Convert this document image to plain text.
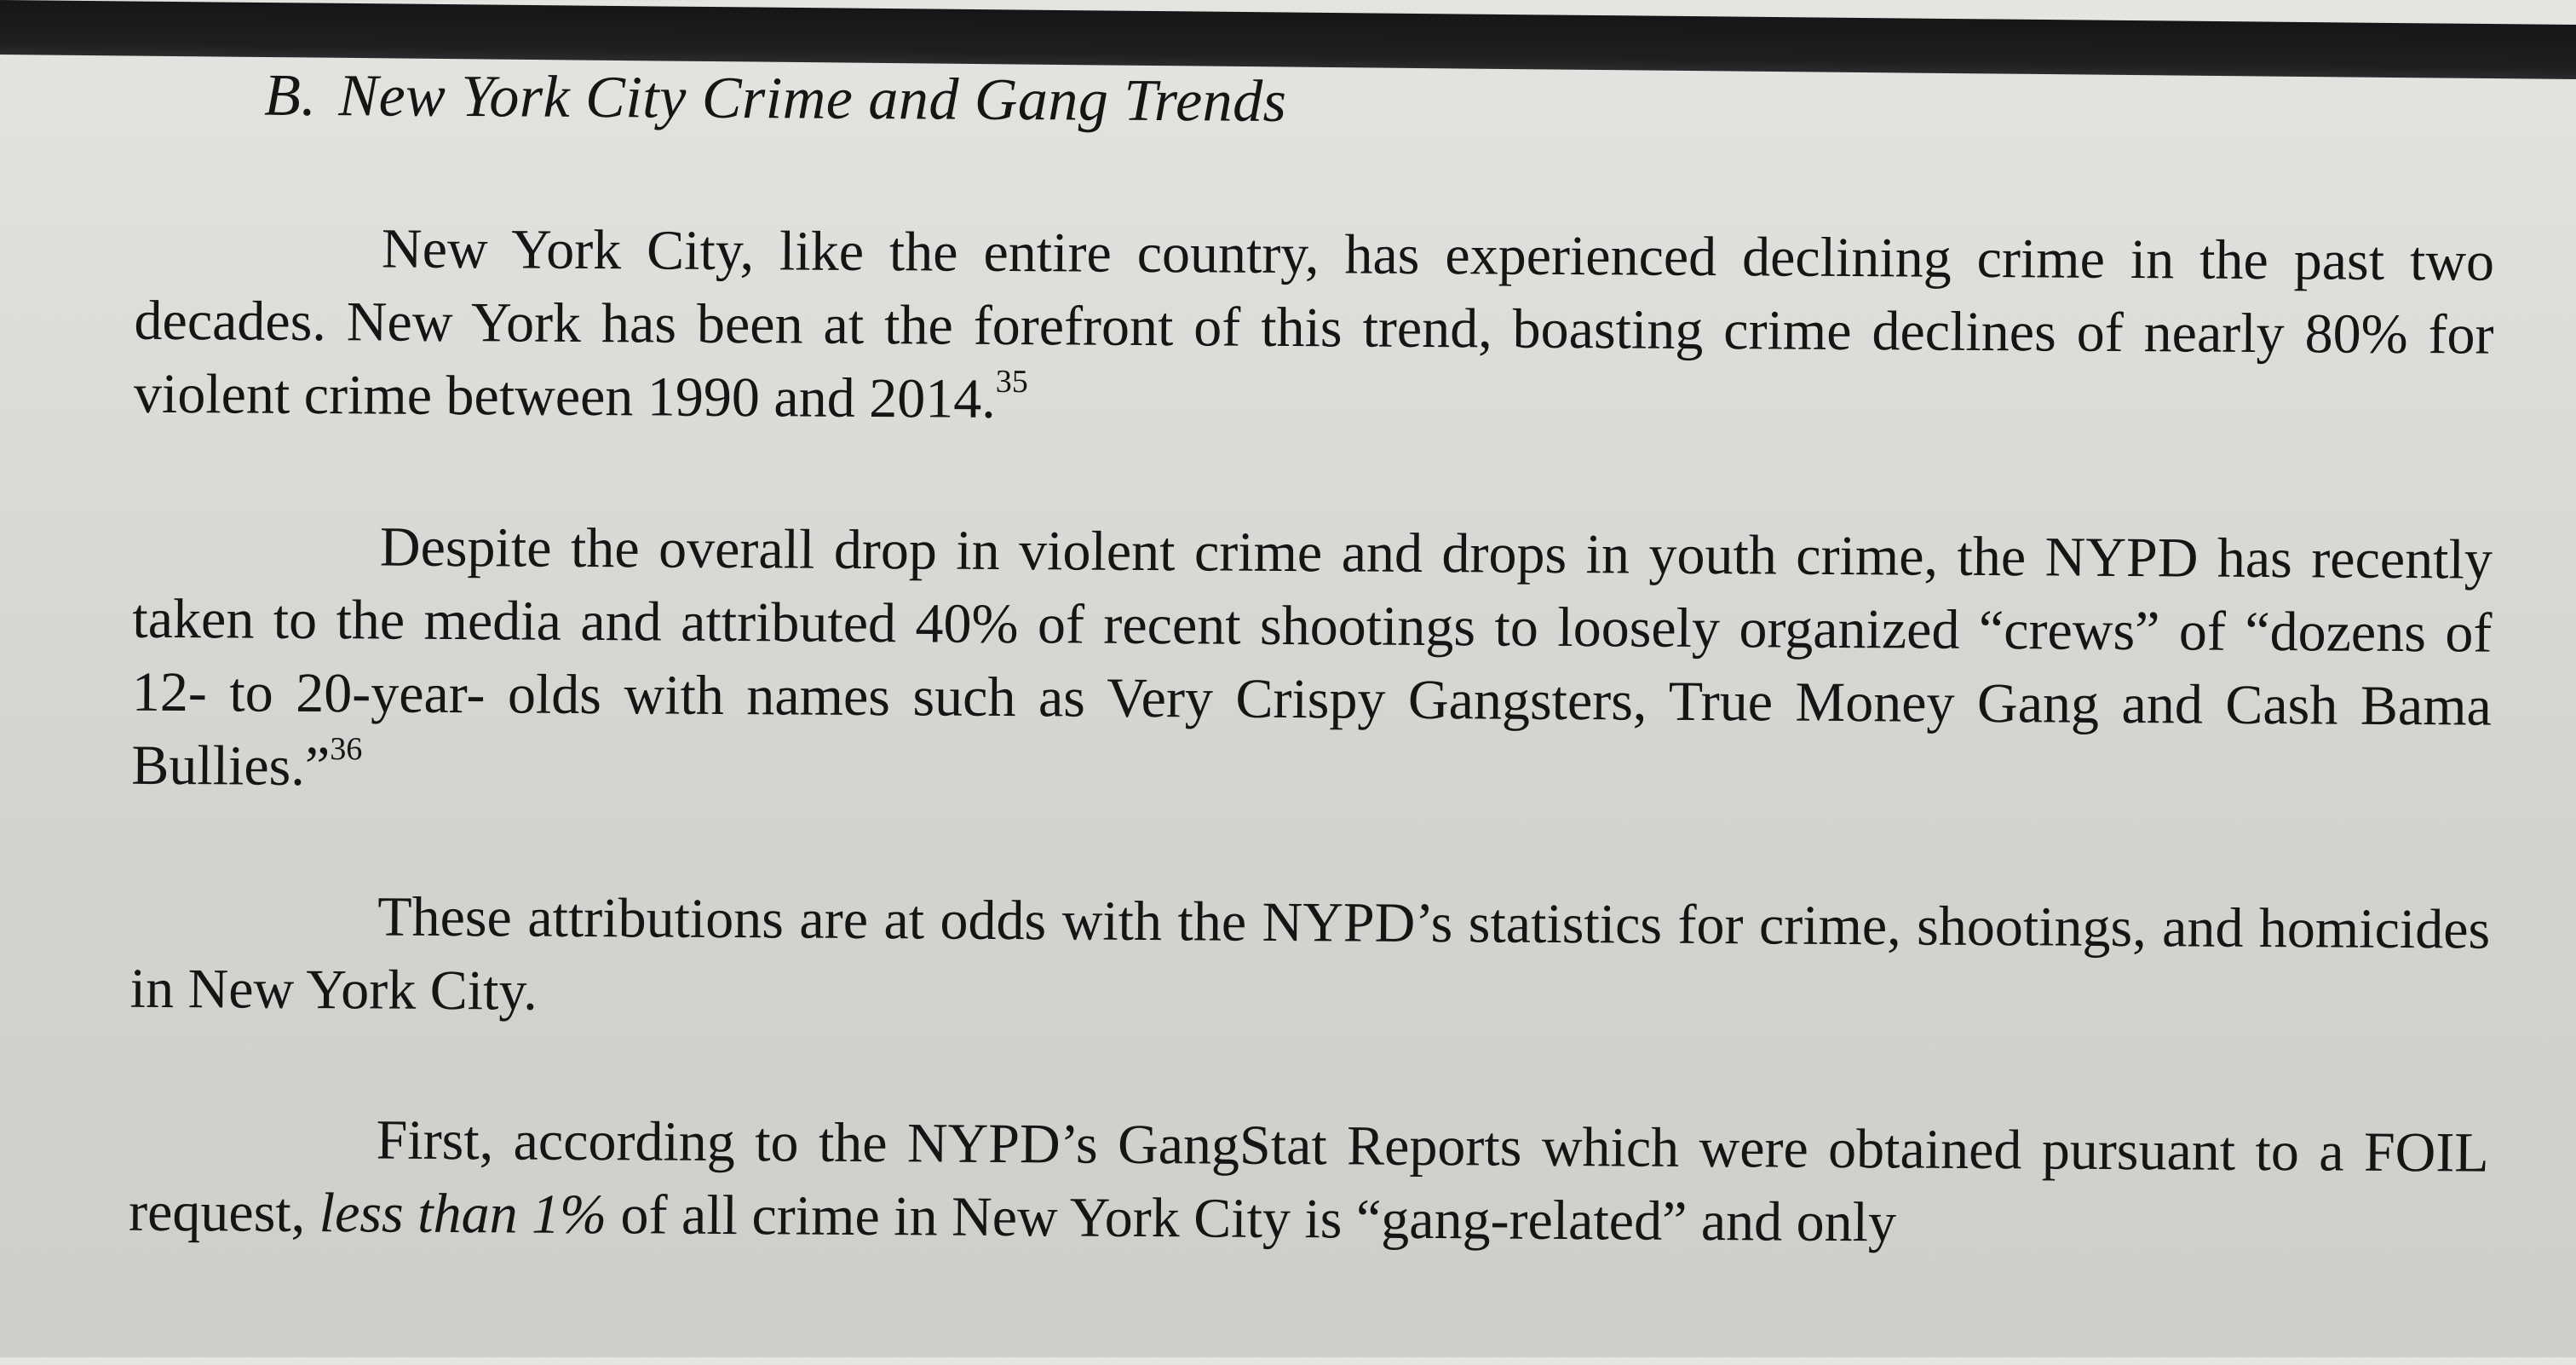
B. New York City Crime and Gang Trends
New York City, like the entire country, has experienced declining crime in the past two decades. New York has been at the forefront of this trend, boasting crime declines of nearly 80% for violent crime between 1990 and 2014.35
Despite the overall drop in violent crime and drops in youth crime, the NYPD has recently taken to the media and attributed 40% of recent shootings to loosely organized “crews” of “dozens of 12- to 20-year- olds with names such as Very Crispy Gangsters, True Money Gang and Cash Bama Bullies.”$^{36}$
These attributions are at odds with the NYPD’s statistics for crime, shootings, and homicides in New York City.
First, according to the NYPD’s GangStat Reports which were obtained pursuant to a FOIL request, less than 1% of all crime in New York City is “gang-related” and only
